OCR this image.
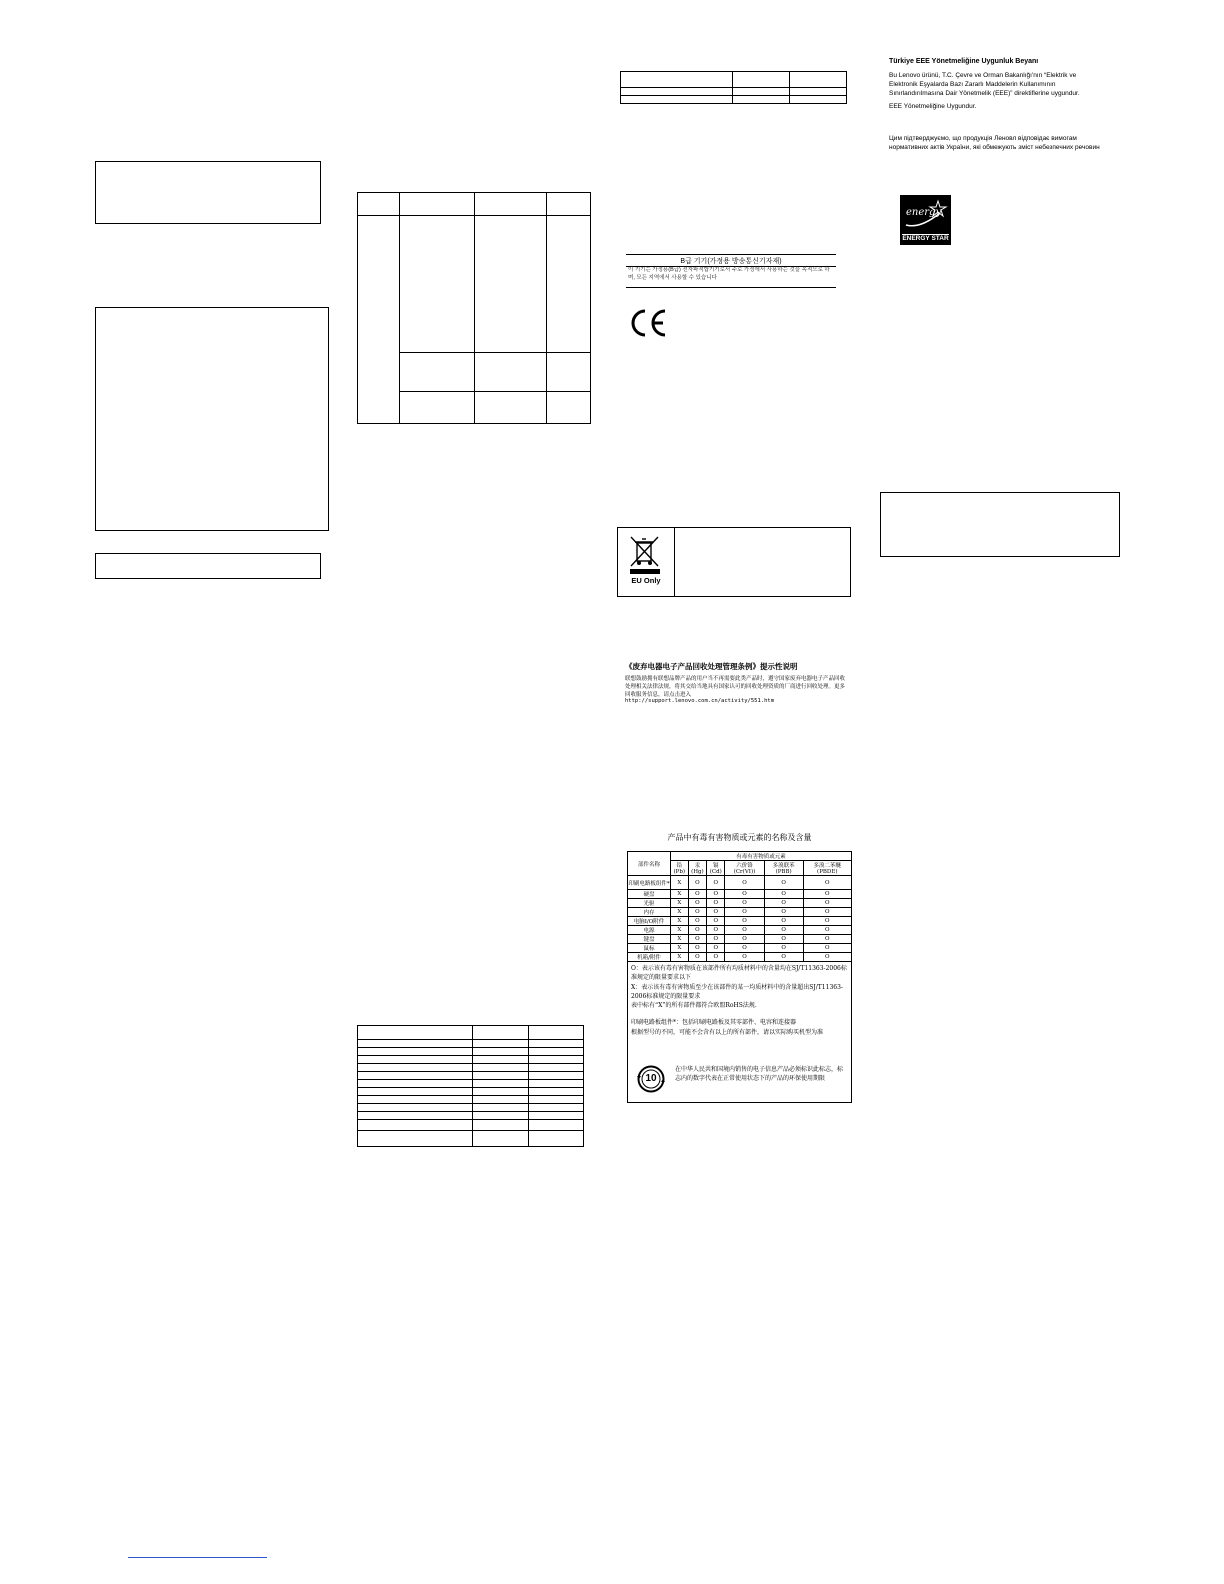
B급 기기(가정용 방송통신기자재)
이 기기는 가정용(B급) 전자파적합기기로서 주로 가정에서 사용하는 것을 목적으로 하며, 모든 지역에서 사용할 수 있습니다
EU Only
《废弃电器电子产品回收处理管理条例》提示性说明
联想鼓励拥有联想品牌产品的用户当不再需要此类产品时，遵守国家废弃电器电子产品回收处理相关法律法规，将其交给当地具有国家认可的回收处理资质的厂商进行回收处理。更多回收服务信息，请点击进入
http://support.lenovo.com.cn/activity/551.htm
产品中有毒有害物质或元素的名称及含量
部件名称	有毒有害物质或元素					
	铅(Pb)	汞(Hg)	镉(Cd)	六价铬 (Cr(VI))	多溴联苯 (PBB)	多溴二苯醚 (PBDE)
印刷电路板组件*	X	O	O	O	O	O
硬盘	X	O	O	O	O	O
光驱	X	O	O	O	O	O
内存	X	O	O	O	O	O
电脑I/O附件	X	O	O	O	O	O
电源	X	O	O	O	O	O
键盘	X	O	O	O	O	O
鼠标	X	O	O	O	O	O
机箱/附件	X	O	O	O	O	O
O：表示该有毒有害物质在该部件所有均质材料中的含量均在SJ/T11363-2006标准规定的限量要求以下
X：表示该有毒有害物质至少在该部件的某一均质材料中的含量超出SJ/T11363-2006标准规定的限量要求
表中标有“X”的所有部件都符合欧盟RoHS法规.
印刷电路板组件*：包括印刷电路板及其零部件、电容和连接器
根据型号的不同，可能不会含有以上的所有部件，请以实际购买机型为准
10
在中华人民共和国境内销售的电子信息产品必须标识此标志，标志内的数字代表在正常使用状态下的产品的环保使用期限
Türkiye EEE Yönetmeliğine Uygunluk Beyanı
Bu Lenovo ürünü, T.C. Çevre ve Orman Bakanlığı'nın “Elektrik ve Elektronik Eşyalarda Bazı Zararlı Maddelerin Kullanımının Sınırlandırılmasına Dair Yönetmelik (EEE)” direktiflerine uygundur.
EEE Yönetmeliğine Uygundur.
Цим підтверджуємо, що продукція Леновл відповідає вимогам нормативних актів України, які обмежують зміст небезпечних речовин
energy
ENERGY STAR
